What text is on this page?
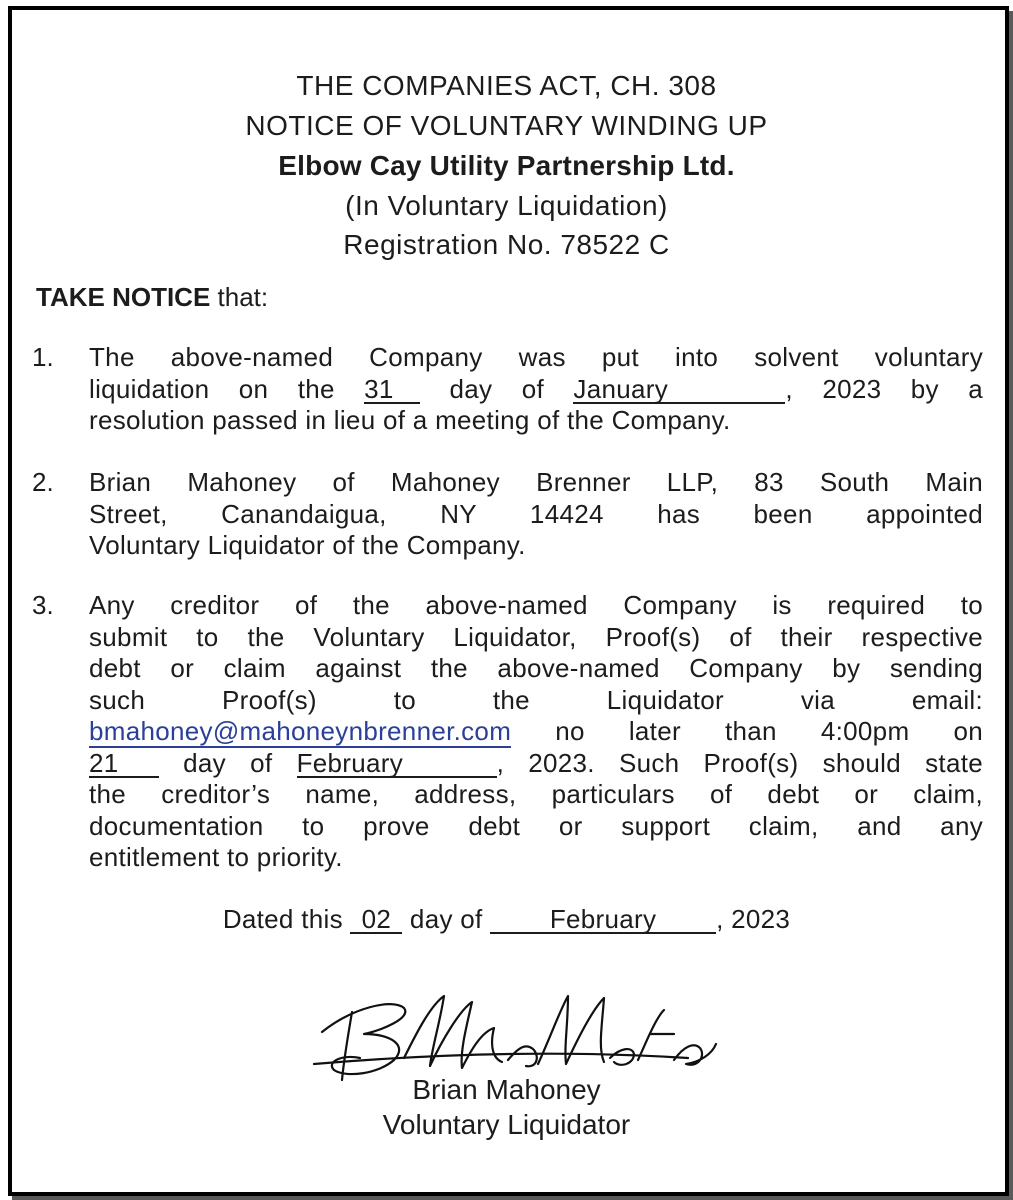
THE COMPANIES ACT, CH. 308
NOTICE OF VOLUNTARY WINDING UP
Elbow Cay Utility Partnership Ltd.
(In Voluntary Liquidation)
Registration No. 78522 C
TAKE NOTICE that:
1. The above-named Company was put into solvent voluntary
liquidation on the 31 day of January	, 2023 by a
resolution passed in lieu of a meeting of the Company.
2. Brian Mahoney of Mahoney Brenner LLP, 83 South Main
Street, Canandaigua, NY 14424 has been appointed
Voluntary Liquidator of the Company.
3. Any creditor of the above-named Company is required to
submit to the Voluntary Liquidator, Proof(s) of their respective
debt or claim against the above-named Company by sending
such Proof(s) to the Liquidator via email:
bmahoney@mahoneynbrenner.com no later than 4:00pm on
21 day of February	, 2023. Such Proof(s) should state
the creditor’s name, address, particulars of debt or claim,
documentation to prove debt or support claim, and any
entitlement to priority.
Dated this 02 day of February , 2023
Brian Mahoney
Voluntary Liquidator
